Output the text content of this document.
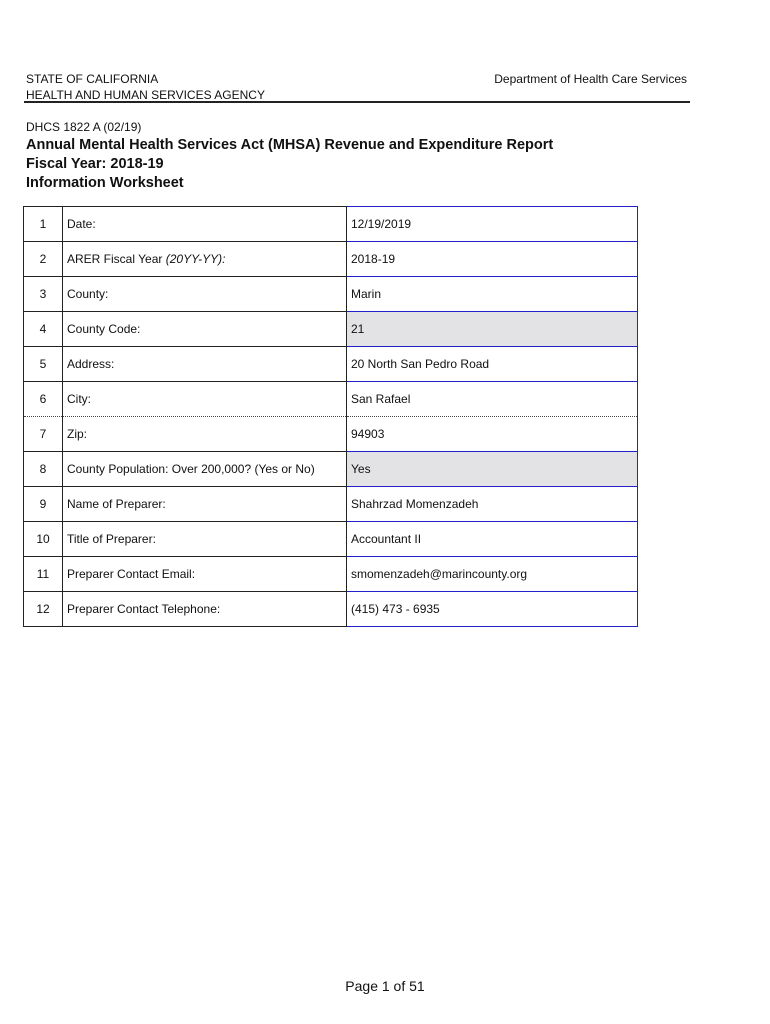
STATE OF CALIFORNIA
HEALTH AND HUMAN SERVICES AGENCY
Department of Health Care Services
DHCS 1822 A (02/19)
Annual Mental Health Services Act (MHSA) Revenue and Expenditure Report
Fiscal Year: 2018-19
Information Worksheet
1	Date:	12/19/2019
2	ARER Fiscal Year (20YY-YY):	2018-19
3	County:	Marin
4	County Code:	21
5	Address:	20 North San Pedro Road
6	City:	San Rafael
7	Zip:	94903
8	County Population: Over 200,000? (Yes or No)	Yes
9	Name of Preparer:	Shahrzad Momenzadeh
10	Title of Preparer:	Accountant II
11	Preparer Contact Email:	smomenzadeh@marincounty.org
12	Preparer Contact Telephone:	(415) 473 - 6935
Page 1 of 51
